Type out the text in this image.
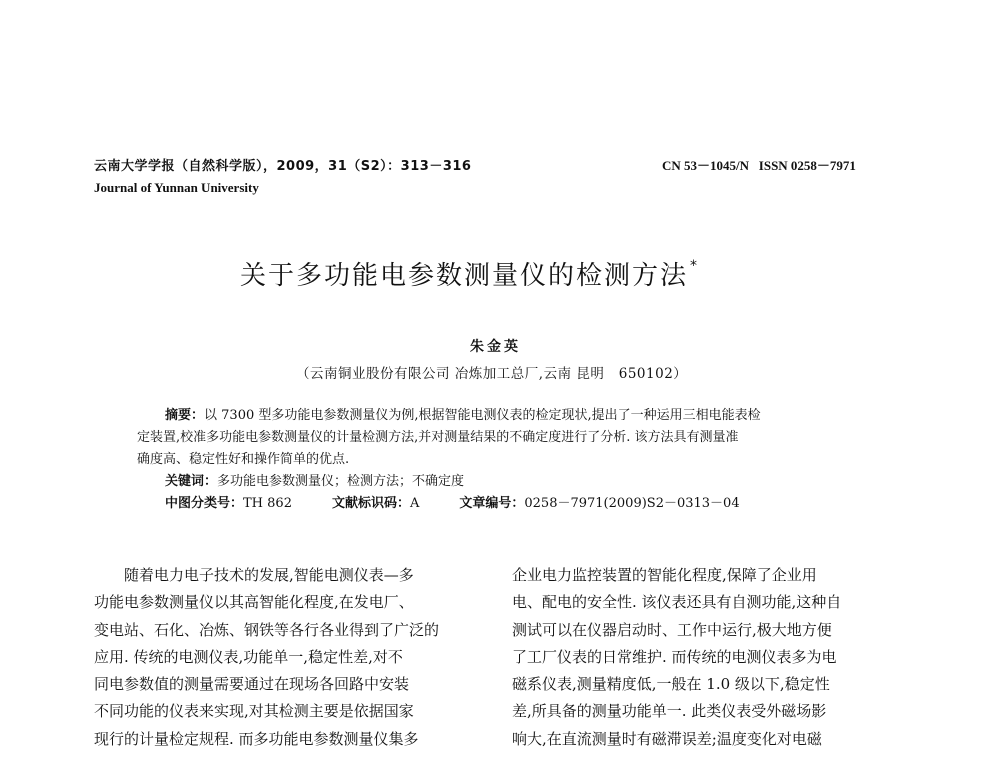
云南大学学报（自然科学版），2009，31（S2）：313－316
Journal of Yunnan University
CN 53－1045/N   ISSN 0258－7971
关于多功能电参数测量仪的检测方法 *
朱金英
（云南铜业股份有限公司 冶炼加工总厂,云南 昆明   650102）
摘要：以 7300 型多功能电参数测量仪为例,根据智能电测仪表的检定现状,提出了一种运用三相电能表检
定装置,校准多功能电参数测量仪的计量检测方法,并对测量结果的不确定度进行了分析. 该方法具有测量准
确度高、稳定性好和操作简单的优点.
关键词：多功能电参数测量仪；检测方法；不确定度
中图分类号：TH 862	文献标识码：A	文章编号：0258－7971(2009)S2－0313－04
　　随着电力电子技术的发展,智能电测仪表—多
功能电参数测量仪以其高智能化程度,在发电厂、
变电站、石化、冶炼、钢铁等各行各业得到了广泛的
应用. 传统的电测仪表,功能单一,稳定性差,对不
同电参数值的测量需要通过在现场各回路中安装
不同功能的仪表来实现,对其检测主要是依据国家
现行的计量检定规程. 而多功能电参数测量仪集多
企业电力监控装置的智能化程度,保障了企业用
电、配电的安全性. 该仪表还具有自测功能,这种自
测试可以在仪器启动时、工作中运行,极大地方便
了工厂仪表的日常维护. 而传统的电测仪表多为电
磁系仪表,测量精度低,一般在 1.0 级以下,稳定性
差,所具备的测量功能单一. 此类仪表受外磁场影
响大,在直流测量时有磁滞误差;温度变化对电磁
